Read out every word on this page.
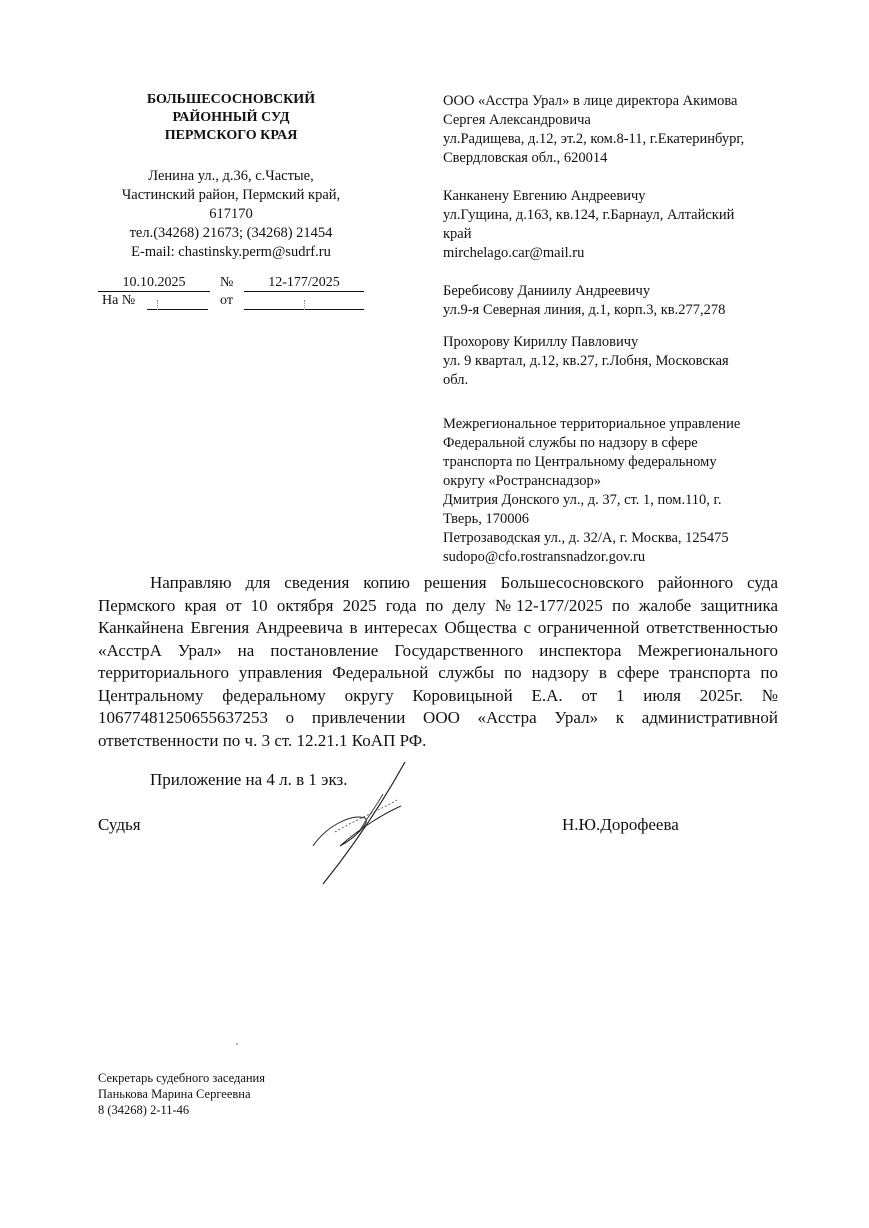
БОЛЬШЕСОСНОВСКИЙ
РАЙОННЫЙ СУД
ПЕРМСКОГО КРАЯ
Ленина ул., д.36, с.Частые,
Частинский район, Пермский край,
617170
тел.(34268) 21673; (34268) 21454
E-mail: chastinsky.perm@sudrf.ru
10.10.2025	№	12-177/2025
На №	от
ООО «Асстра Урал» в лице директора Акимова
Сергея Александровича
ул.Радищева, д.12, эт.2, ком.8-11, г.Екатеринбург,
Свердловская обл., 620014
Канканену Евгению Андреевичу
ул.Гущина, д.163, кв.124, г.Барнаул, Алтайский
край
mirchelago.car@mail.ru
Беребисову Даниилу Андреевичу
ул.9-я Северная линия, д.1, корп.3, кв.277,278
Прохорову Кириллу Павловичу
ул. 9 квартал, д.12, кв.27, г.Лобня, Московская
обл.
Межрегиональное территориальное управление
Федеральной службы по надзору в сфере
транспорта по Центральному федеральному
округу «Ространснадзор»
Дмитрия Донского ул., д. 37, ст. 1, пом.110, г.
Тверь, 170006
Петрозаводская ул., д. 32/А, г. Москва, 125475
sudopo@cfo.rostransnadzor.gov.ru
Направляю для сведения копию решения Большесосновского районного суда Пермского края от 10 октября 2025 года по делу №12-177/2025 по жалобе защитника Канкайнена Евгения Андреевича в интересах Общества с ограниченной ответственностью «АсстрА Урал» на постановление Государственного инспектора Межрегионального территориального управления Федеральной службы по надзору в сфере транспорта по Центральному федеральному округу Коровицыной Е.А. от 1 июля 2025г. № 10677481250655637253 о привлечении ООО «Асстра Урал» к административной ответственности по ч. 3 ст. 12.21.1 КоАП РФ.
Приложение на 4 л. в 1 экз.
Судья	Н.Ю.Дорофеева
Секретарь судебного заседания
Панькова Марина Сергеевна
8 (34268) 2-11-46
